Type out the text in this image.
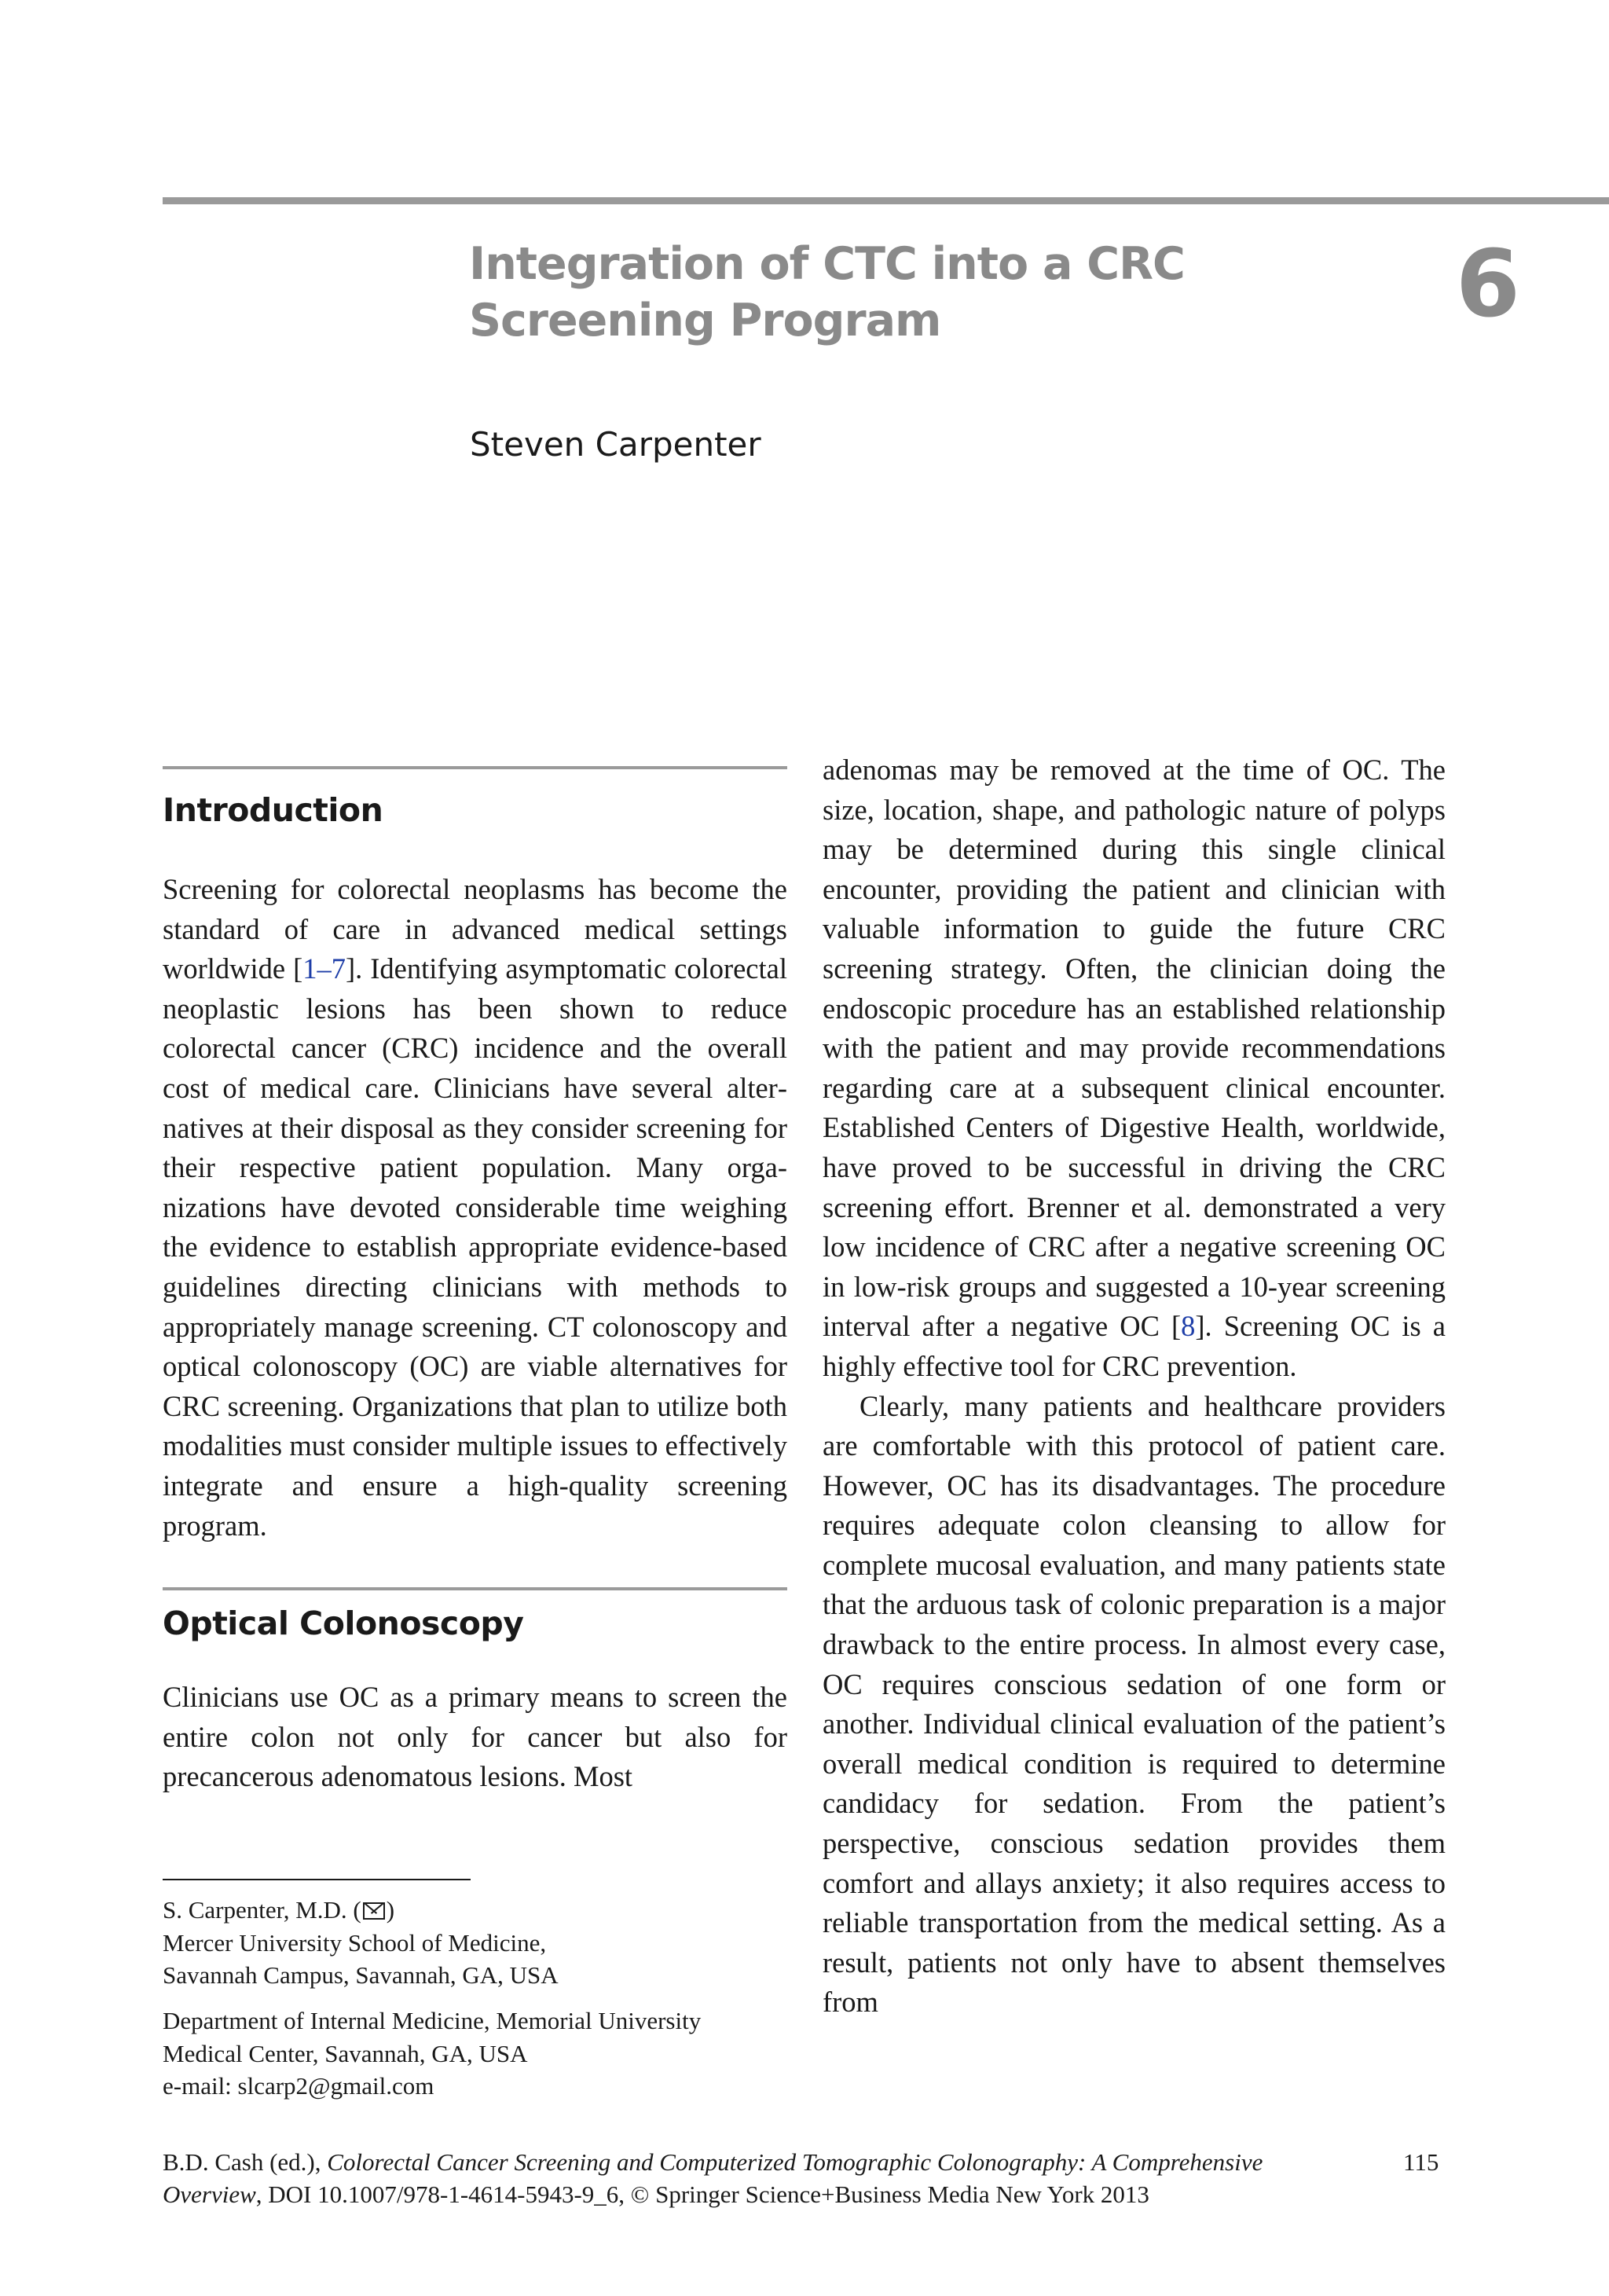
Integration of CTC into a CRC
Screening Program	6
Steven Carpenter
Introduction

Screening for colorectal neoplasms has become the standard of care in advanced medical settings worldwide [1–7]. Identifying asymptomatic colorectal neoplastic lesions has been shown to reduce colorectal cancer (CRC) incidence and the overall cost of medical care. Clinicians have several alternatives at their disposal as they consider screening for their respective patient population. Many organizations have devoted considerable time weighing the evidence to establish appropriate evidence-based guidelines directing clinicians with methods to appropriately manage screening. CT colonoscopy and optical colonoscopy (OC) are viable alternatives for CRC screening. Organizations that plan to utilize both modalities must consider multiple issues to effectively integrate and ensure a high-quality screening program.

Optical Colonoscopy

Clinicians use OC as a primary means to screen the entire colon not only for cancer but also for precancerous adenomatous lesions. Most

adenomas may be removed at the time of OC. The size, location, shape, and pathologic nature of polyps may be determined during this single clinical encounter, providing the patient and clinician with valuable information to guide the future CRC screening strategy. Often, the clinician doing the endoscopic procedure has an established relationship with the patient and may provide recommendations regarding care at a subsequent clinical encounter. Established Centers of Digestive Health, worldwide, have proved to be successful in driving the CRC screening effort. Brenner et al. demonstrated a very low incidence of CRC after a negative screening OC in low-risk groups and suggested a 10-year screening interval after a negative OC [8]. Screening OC is a highly effective tool for CRC prevention.

Clearly, many patients and healthcare providers are comfortable with this protocol of patient care. However, OC has its disadvantages. The procedure requires adequate colon cleansing to allow for complete mucosal evaluation, and many patients state that the arduous task of colonic preparation is a major drawback to the entire process. In almost every case, OC requires conscious sedation of one form or another. Individual clinical evaluation of the patient’s overall medical condition is required to determine candidacy for sedation. From the patient’s perspective, conscious sedation provides them comfort and allays anxiety; it also requires access to reliable transportation from the medical setting. As a result, patients not only have to absent themselves from

S. Carpenter, M.D. ( )
Mercer University School of Medicine,
Savannah Campus, Savannah, GA, USA

Department of Internal Medicine, Memorial University
Medical Center, Savannah, GA, USA
e-mail: slcarp2@gmail.com

B.D. Cash (ed.), Colorectal Cancer Screening and Computerized Tomographic Colonography: A Comprehensive
Overview, DOI 10.1007/978-1-4614-5943-9_6, © Springer Science+Business Media New York 2013

115
